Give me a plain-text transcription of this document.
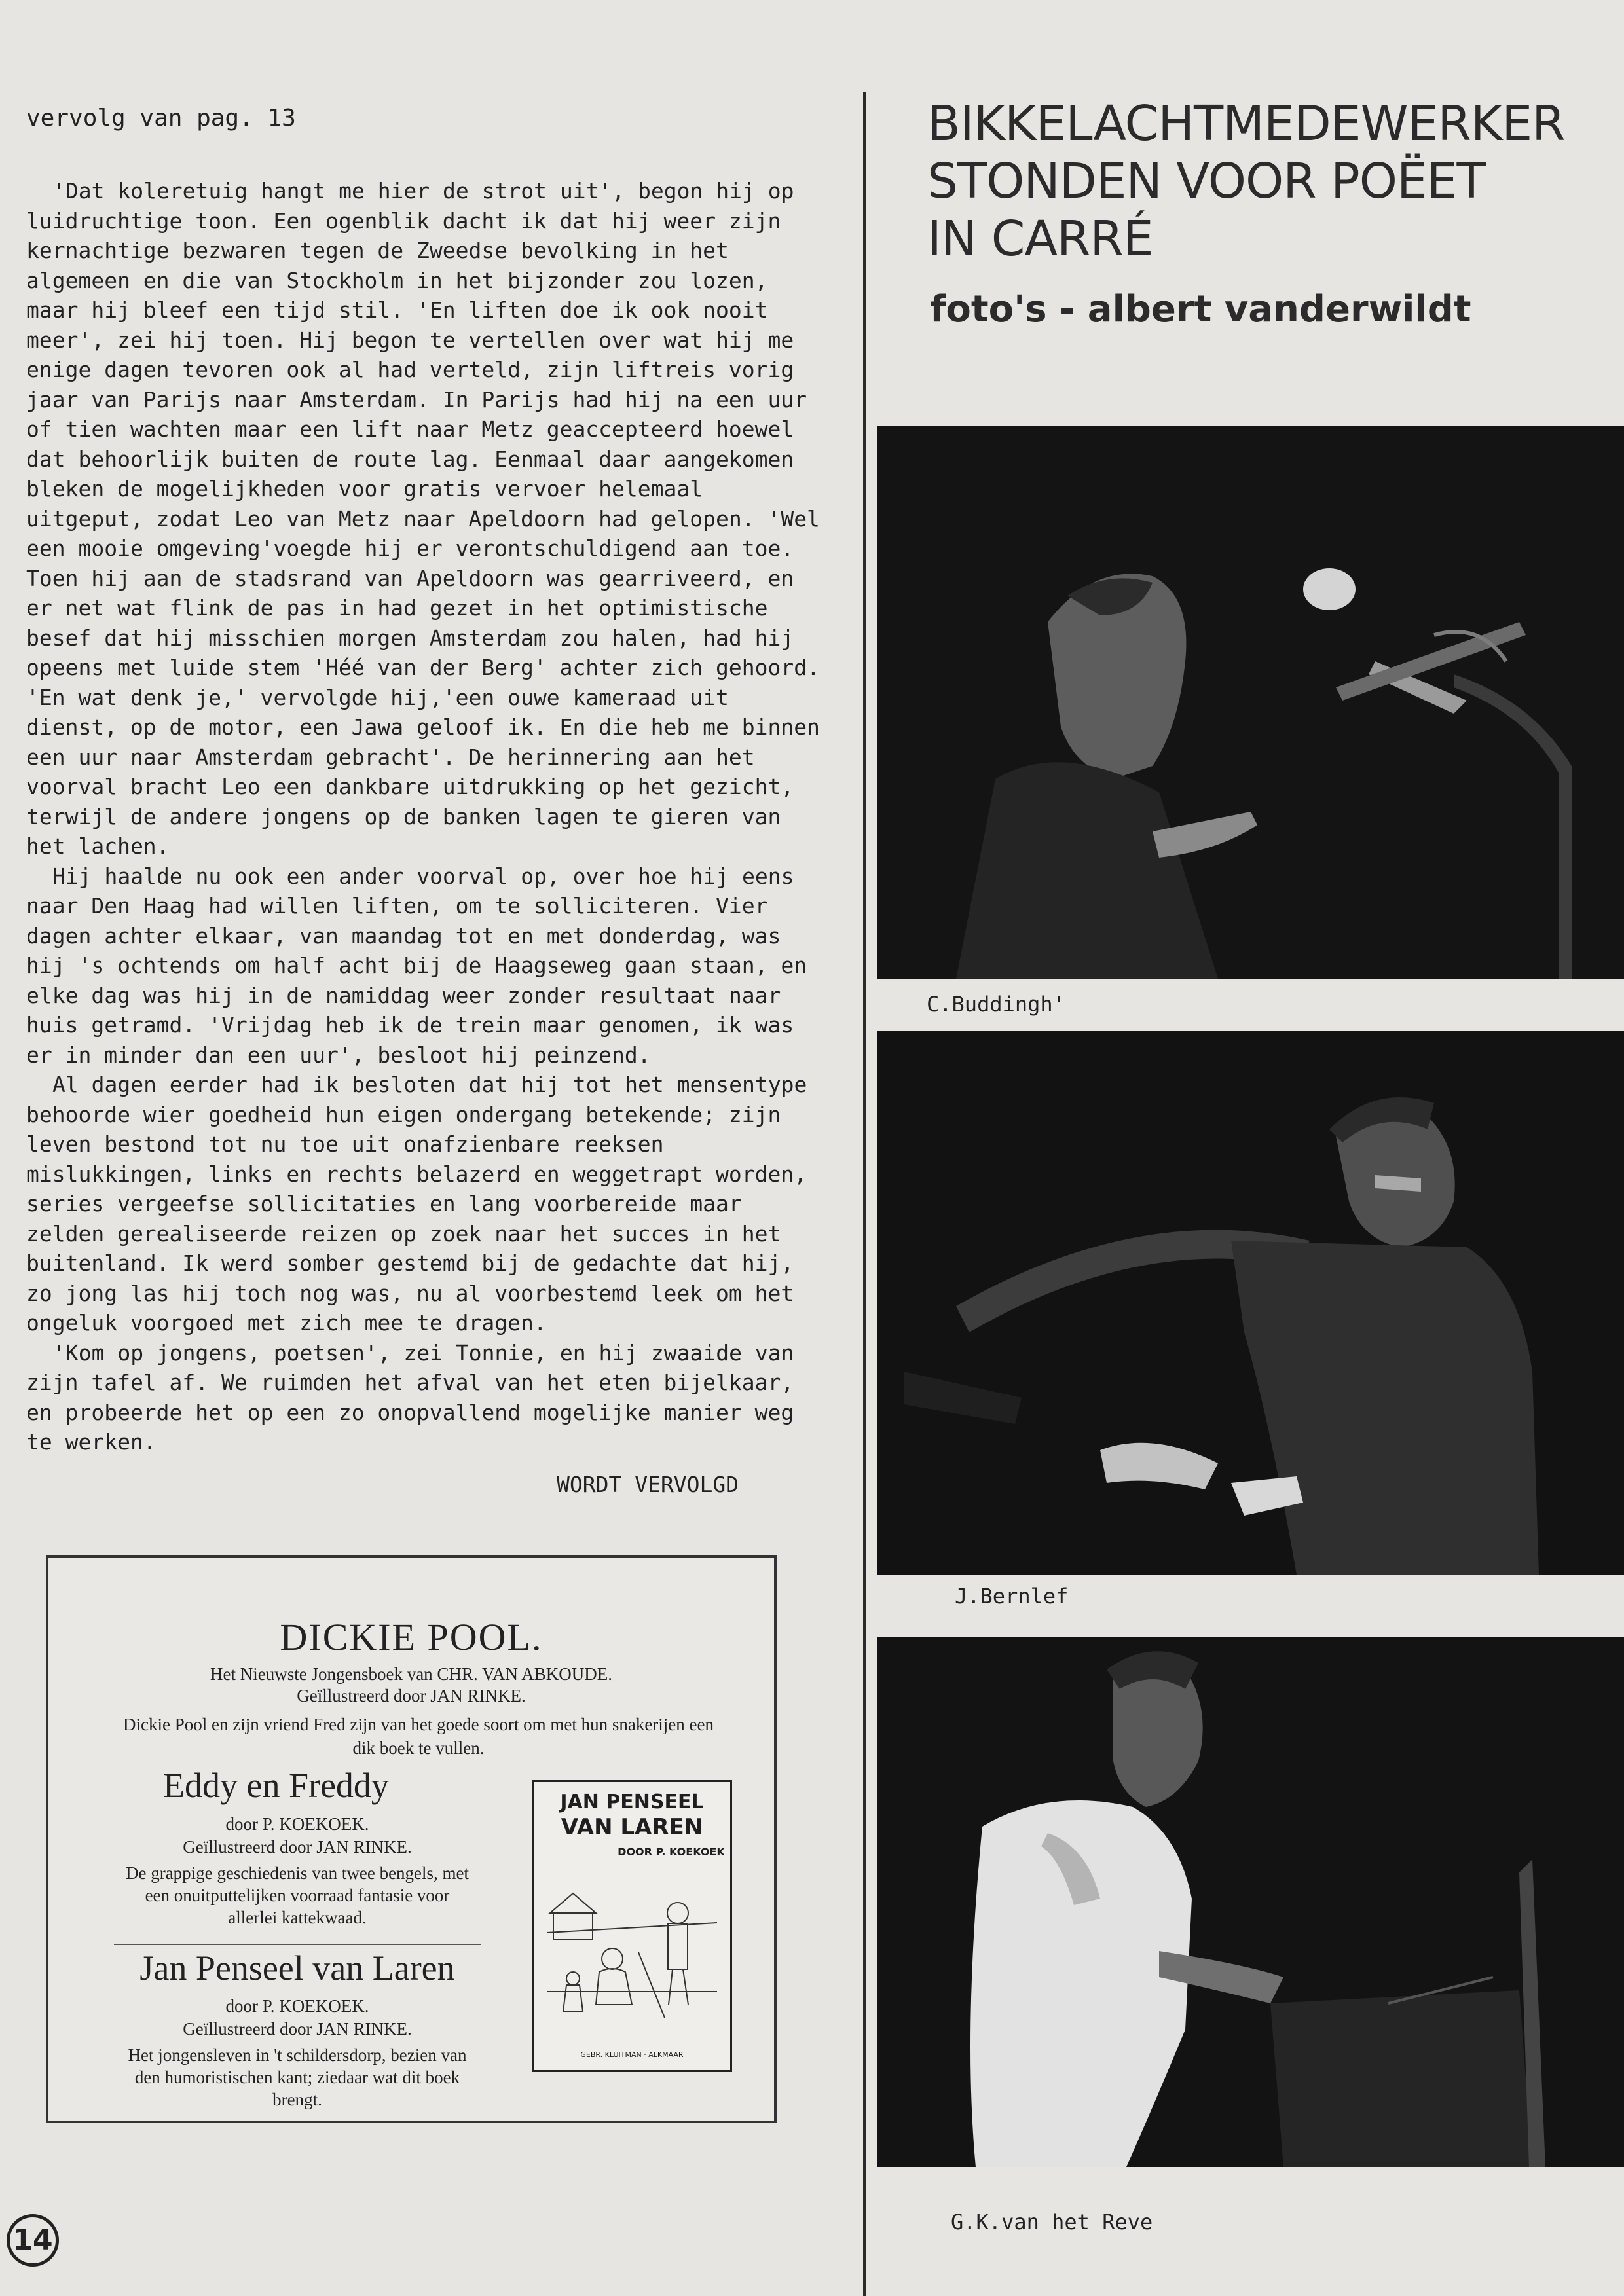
vervolg van pag. 13

'Dat koleretuig hangt me hier de strot uit', begon hij op luidruchtige toon. Een ogenblik dacht ik dat hij weer zijn kernachtige bezwaren tegen de Zweedse bevolking in het algemeen en die van Stockholm in het bijzonder zou lozen, maar hij bleef een tijd stil. 'En liften doe ik ook nooit meer', zei hij toen. Hij begon te vertellen over wat hij me enige dagen tevoren ook al had verteld, zijn liftreis vorig jaar van Parijs naar Amsterdam. In Parijs had hij na een uur of tien wachten maar een lift naar Metz geaccepteerd hoewel dat behoorlijk buiten de route lag. Eenmaal daar aangekomen bleken de mogelijkheden voor gratis vervoer helemaal uitgeput, zodat Leo van Metz naar Apeldoorn had gelopen. 'Wel een mooie omgeving'voegde hij er verontschuldigend aan toe. Toen hij aan de stadsrand van Apeldoorn was gearriveerd, en er net wat flink de pas in had gezet in het optimistische besef dat hij misschien morgen Amsterdam zou halen, had hij opeens met luide stem 'Héé van der Berg' achter zich gehoord. 'En wat denk je,' vervolgde hij,'een ouwe kameraad uit dienst, op de motor, een Jawa geloof ik. En die heb me binnen een uur naar Amsterdam gebracht'. De herinnering aan het voorval bracht Leo een dankbare uitdrukking op het gezicht, terwijl de andere jongens op de banken lagen te gieren van het lachen.

Hij haalde nu ook een ander voorval op, over hoe hij eens naar Den Haag had willen liften, om te solliciteren. Vier dagen achter elkaar, van maandag tot en met donderdag, was hij 's ochtends om half acht bij de Haagseweg gaan staan, en elke dag was hij in de namiddag weer zonder resultaat naar huis getramd. 'Vrijdag heb ik de trein maar genomen, ik was er in minder dan een uur', besloot hij peinzend.

Al dagen eerder had ik besloten dat hij tot het mensentype behoorde wier goedheid hun eigen ondergang betekende; zijn leven bestond tot nu toe uit onafzienbare reeksen mislukkingen, links en rechts belazerd en weggetrapt worden, series vergeefse sollicitaties en lang voorbereide maar zelden gerealiseerde reizen op zoek naar het succes in het buitenland. Ik werd somber gestemd bij de gedachte dat hij, zo jong las hij toch nog was, nu al voorbestemd leek om het ongeluk voorgoed met zich mee te dragen.

'Kom op jongens, poetsen', zei Tonnie, en hij zwaaide van zijn tafel af. We ruimden het afval van het eten bijelkaar, en probeerde het op een zo onopvallend mogelijke manier weg te werken.

WORDT VERVOLGD
DICKIE POOL.
Het Nieuwste Jongensboek van CHR. VAN ABKOUDE.
Geïllustreerd door JAN RINKE.
Dickie Pool en zijn vriend Fred zijn van het goede soort om met hun snakerijen een dik boek te vullen.
Eddy en Freddy
door P. KOEKOEK.
Geïllustreerd door JAN RINKE.
De grappige geschiedenis van twee bengels, met een onuitputtelijken voorraad fantasie voor allerlei kattekwaad.
Jan Penseel van Laren
door P. KOEKOEK.
Geïllustreerd door JAN RINKE.
Het jongensleven in 't schildersdorp, bezien van den humoristischen kant; ziedaar wat dit boek brengt.
JAN PENSEEL
VAN LAREN
DOOR P. KOEKOEK
GEBR. KLUITMAN · ALKMAAR
14
BIKKELACHTMEDEWERKER
STONDEN VOOR POËET
IN CARRÉ
foto's - albert vanderwildt
C.Buddingh'
J.Bernlef
G.K.van het Reve
